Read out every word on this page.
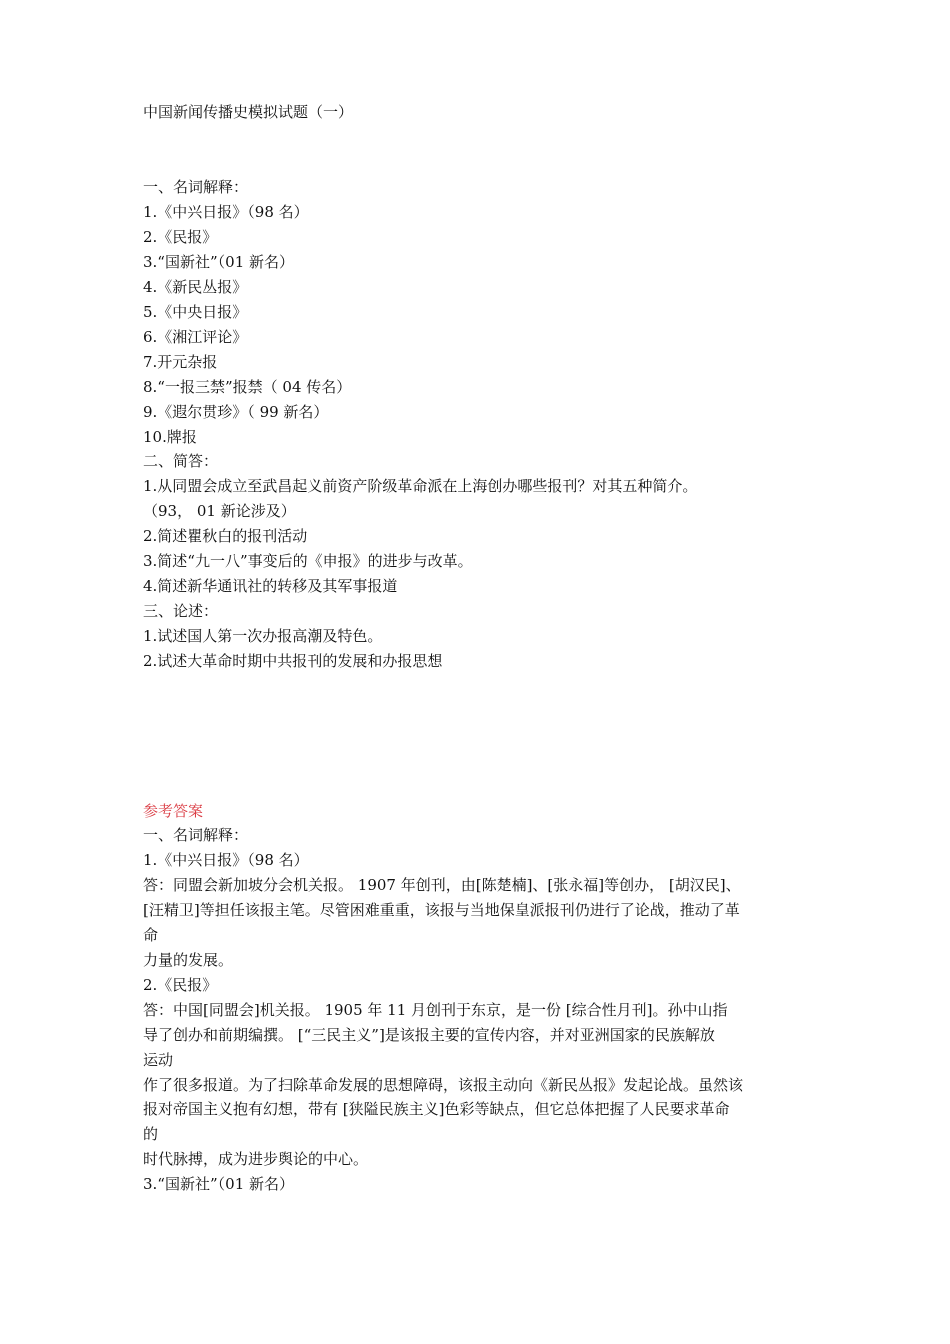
中国新闻传播史模拟试题（一）
一、名词解释：
1.《中兴日报》（98 名）
2.《民报》
3.“国新社”（01 新名）
4.《新民丛报》
5.《中央日报》
6.《湘江评论》
7.开元杂报
8.“一报三禁”报禁（ 04 传名）
9.《遐尔贯珍》（ 99 新名）
10.牌报
二、简答：
1.从同盟会成立至武昌起义前资产阶级革命派在上海创办哪些报刊？对其五种简介。
（93， 01 新论涉及）
2.简述瞿秋白的报刊活动
3.简述“九一八”事变后的《申报》的进步与改革。
4.简述新华通讯社的转移及其军事报道
三、论述：
1.试述国人第一次办报高潮及特色。
2.试述大革命时期中共报刊的发展和办报思想
参考答案
一、名词解释：
1.《中兴日报》（98 名）
答：同盟会新加坡分会机关报。 1907 年创刊，由[陈楚楠]、[张永福]等创办， [胡汉民]、
[汪精卫]等担任该报主笔。尽管困难重重，该报与当地保皇派报刊仍进行了论战，推动了革
命
力量的发展。
2.《民报》
答：中国[同盟会]机关报。 1905 年 11 月创刊于东京，是一份 [综合性月刊]。孙中山指
导了创办和前期编撰。 [“三民主义”]是该报主要的宣传内容，并对亚洲国家的民族解放
运动
作了很多报道。为了扫除革命发展的思想障碍，该报主动向《新民丛报》发起论战。虽然该
报对帝国主义抱有幻想，带有 [狭隘民族主义]色彩等缺点，但它总体把握了人民要求革命
的
时代脉搏，成为进步舆论的中心。
3.“国新社”（01 新名）
